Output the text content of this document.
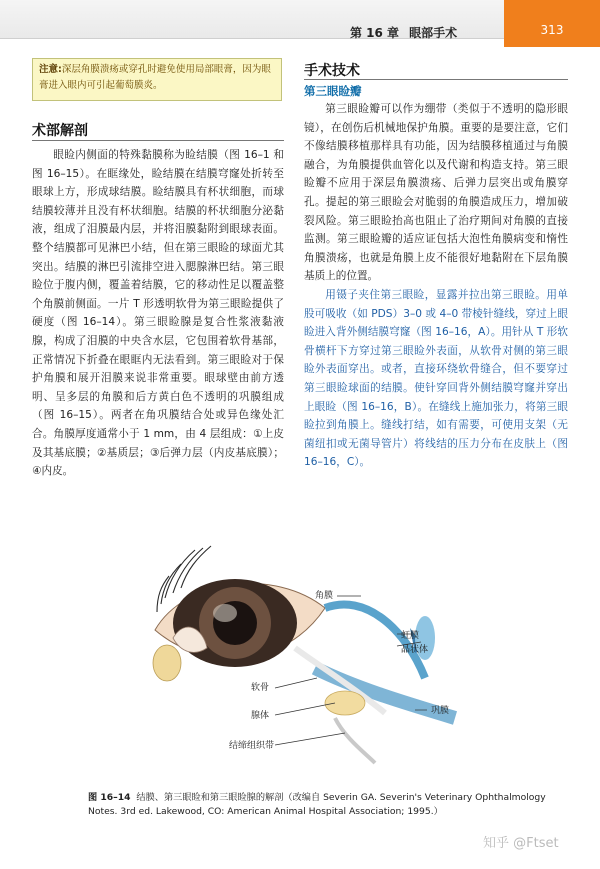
第 16 章 眼部手术	313
注意:深层角膜溃疡或穿孔时避免使用局部眼膏，因为眼膏进入眼内可引起葡萄膜炎。
术部解剖

眼睑内侧面的特殊黏膜称为睑结膜（图 16–1 和图 16–15）。在眶缘处，睑结膜在结膜穹窿处折转至眼球上方，形成球结膜。睑结膜具有杯状细胞，而球结膜较薄并且没有杯状细胞。结膜的杯状细胞分泌黏液，组成了泪膜最内层，并将泪膜黏附到眼球表面。整个结膜都可见淋巴小结，但在第三眼睑的球面尤其突出。结膜的淋巴引流排空进入腮腺淋巴结。第三眼睑位于腹内侧，覆盖着结膜，它的移动性足以覆盖整个角膜前侧面。一片 T 形透明软骨为第三眼睑提供了硬度（图 16–14）。第三眼睑腺是复合性浆液黏液腺，构成了泪膜的中央含水层，它包围着软骨基部，正常情况下折叠在眼眶内无法看到。第三眼睑对于保护角膜和展开泪膜来说非常重要。眼球壁由前方透明、呈多层的角膜和后方黄白色不透明的巩膜组成（图 16–15）。两者在角巩膜结合处或异色缘处汇合。角膜厚度通常小于 1 mm，由 4 层组成：①上皮及其基底膜；②基质层；③后弹力层（内皮基底膜）；④内皮。

手术技术
第三眼睑瓣

第三眼睑瓣可以作为绷带（类似于不透明的隐形眼镜），在创伤后机械地保护角膜。重要的是要注意，它们不像结膜移植那样具有功能，因为结膜移植通过与角膜融合，为角膜提供血管化以及代谢和构造支持。第三眼睑瓣不应用于深层角膜溃疡、后弹力层突出或角膜穿孔。提起的第三眼睑会对脆弱的角膜造成压力，增加破裂风险。第三眼睑抬高也阻止了治疗期间对角膜的直接监测。第三眼睑瓣的适应证包括大泡性角膜病变和惰性角膜溃疡，也就是角膜上皮不能很好地黏附在下层角膜基质上的位置。

用镊子夹住第三眼睑，显露并拉出第三眼睑。用单股可吸收（如 PDS）3–0 或 4–0 带棱针缝线，穿过上眼睑进入背外侧结膜穹窿（图 16–16，A）。用针从 T 形软骨横杆下方穿过第三眼睑外表面，从软骨对侧的第三眼睑外表面穿出。或者，直接环绕软骨缝合，但不要穿过第三眼睑球面的结膜。使针穿回背外侧结膜穹窿并穿出上眼睑（图 16–16，B）。在缝线上施加张力，将第三眼睑拉到角膜上。缝线打结，如有需要，可使用支架（无菌纽扣或无菌导管片）将线结的压力分布在皮肤上（图 16–16，C）。

角膜
虹膜
晶状体
软骨
腺体	巩膜
结缔组织带
图 16–14 结膜、第三眼睑和第三眼睑腺的解剖（改编自 Severin GA. Severin's Veterinary Ophthalmology Notes. 3rd ed. Lakewood, CO: American Animal Hospital Association; 1995.）
知乎 @Ftset
